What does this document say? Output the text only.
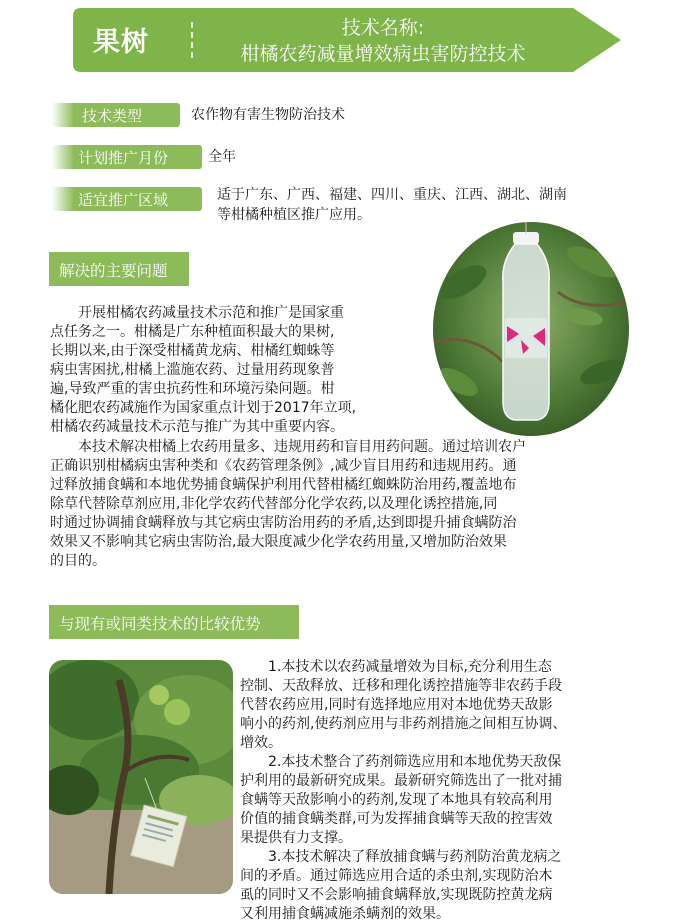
果树	技术名称:
柑橘农药减量增效病虫害防控技术
技术类型	农作物有害生物防治技术
计划推广月份	全年
适宜推广区域	适于广东、广西、福建、四川、重庆、江西、湖北、湖南
等柑橘种植区推广应用。
解决的主要问题

开展柑橘农药减量技术示范和推广是国家重

点任务之一。柑橘是广东种植面积最大的果树,

长期以来,由于深受柑橘黄龙病、柑橘红蜘蛛等

病虫害困扰,柑橘上滥施农药、过量用药现象普

遍,导致严重的害虫抗药性和环境污染问题。柑

橘化肥农药减施作为国家重点计划于2017年立项,

柑橘农药减量技术示范与推广为其中重要内容。

本技术解决柑橘上农药用量多、违规用药和盲目用药问题。通过培训农户

正确识别柑橘病虫害种类和《农药管理条例》,减少盲目用药和违规用药。通

过释放捕食螨和本地优势捕食螨保护利用代替柑橘红蜘蛛防治用药,覆盖地布

除草代替除草剂应用,非化学农药代替部分化学农药,以及理化诱控措施,同

时通过协调捕食螨释放与其它病虫害防治用药的矛盾,达到即提升捕食螨防治

效果又不影响其它病虫害防治,最大限度减少化学农药用量,又增加防治效果

的目的。

与现有或同类技术的比较优势

1.本技术以农药减量增效为目标,充分利用生态

控制、天敌释放、迁移和理化诱控措施等非农药手段

代替农药应用,同时有选择地应用对本地优势天敌影

响小的药剂,使药剂应用与非药剂措施之间相互协调、

增效。

2.本技术整合了药剂筛选应用和本地优势天敌保

护利用的最新研究成果。最新研究筛选出了一批对捕

食螨等天敌影响小的药剂,发现了本地具有较高利用

价值的捕食螨类群,可为发挥捕食螨等天敌的控害效

果提供有力支撑。

3.本技术解决了释放捕食螨与药剂防治黄龙病之

间的矛盾。通过筛选应用合适的杀虫剂,实现防治木

虱的同时又不会影响捕食螨释放,实现既防控黄龙病

又利用捕食螨减施杀螨剂的效果。
